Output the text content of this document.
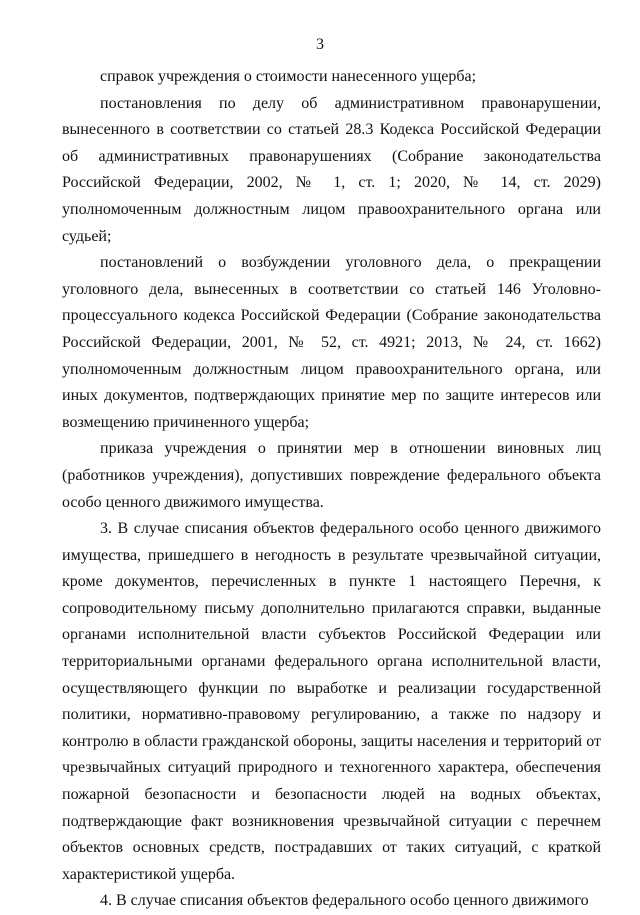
3

справок учреждения о стоимости нанесенного ущерба;

постановления по делу об административном правонарушении, вынесенного в соответствии со статьей 28.3 Кодекса Российской Федерации об административных правонарушениях (Собрание законодательства Российской Федерации, 2002, № 1, ст. 1; 2020, № 14, ст. 2029) уполномоченным должностным лицом правоохранительного органа или судьей;

постановлений о возбуждении уголовного дела, о прекращении уголовного дела, вынесенных в соответствии со статьей 146 Уголовно-процессуального кодекса Российской Федерации (Собрание законодательства Российской Федерации, 2001, № 52, ст. 4921; 2013, № 24, ст. 1662) уполномоченным должностным лицом правоохранительного органа, или иных документов, подтверждающих принятие мер по защите интересов или возмещению причиненного ущерба;

приказа учреждения о принятии мер в отношении виновных лиц (работников учреждения), допустивших повреждение федерального объекта особо ценного движимого имущества.

3. В случае списания объектов федерального особо ценного движимого имущества, пришедшего в негодность в результате чрезвычайной ситуации, кроме документов, перечисленных в пункте 1 настоящего Перечня, к сопроводительному письму дополнительно прилагаются справки, выданные органами исполнительной власти субъектов Российской Федерации или территориальными органами федерального органа исполнительной власти, осуществляющего функции по выработке и реализации государственной политики, нормативно-правовому регулированию, а также по надзору и контролю в области гражданской обороны, защиты населения и территорий от чрезвычайных ситуаций природного и техногенного характера, обеспечения пожарной безопасности и безопасности людей на водных объектах, подтверждающие факт возникновения чрезвычайной ситуации с перечнем объектов основных средств, пострадавших от таких ситуаций, с краткой характеристикой ущерба.

4. В случае списания объектов федерального особо ценного движимого
